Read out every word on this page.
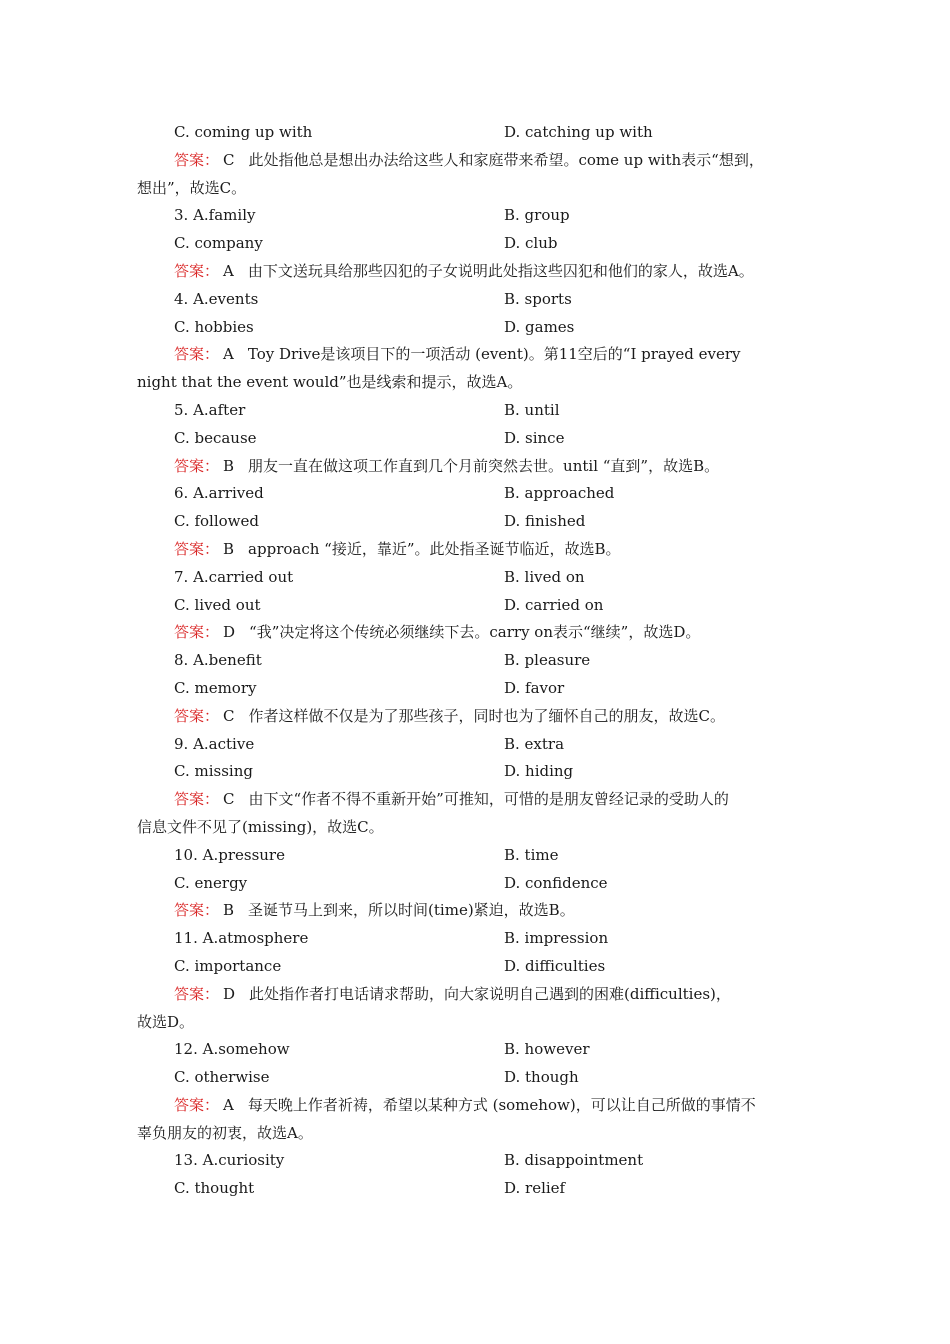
C. coming up with	D. catching up with
答案： C 此处指他总是想出办法给这些人和家庭带来希望。come up with表示“想到，
想出”，故选C。
3. A.family	B. group
C. company	D. club
答案： A 由下文送玩具给那些囚犯的子女说明此处指这些囚犯和他们的家人，故选A。
4. A.events	B. sports
C. hobbies	D. games
答案： A Toy Drive是该项目下的一项活动 (event)。第11空后的“I prayed every
night that the event would”也是线索和提示，故选A。
5. A.after	B. until
C. because	D. since
答案： B 朋友一直在做这项工作直到几个月前突然去世。until “直到”，故选B。
6. A.arrived	B. approached
C. followed	D. finished
答案： B approach “接近，靠近”。此处指圣诞节临近，故选B。
7. A.carried out	B. lived on
C. lived out	D. carried on
答案： D “我”决定将这个传统必须继续下去。carry on表示“继续”，故选D。
8. A.benefit	B. pleasure
C. memory	D. favor
答案： C 作者这样做不仅是为了那些孩子，同时也为了缅怀自己的朋友，故选C。
9. A.active	B. extra
C. missing	D. hiding
答案： C 由下文“作者不得不重新开始”可推知，可惜的是朋友曾经记录的受助人的
信息文件不见了(missing)，故选C。
10. A.pressure	B. time
C. energy	D. confidence
答案： B 圣诞节马上到来，所以时间(time)紧迫，故选B。
11. A.atmosphere	B. impression
C. importance	D. difficulties
答案： D 此处指作者打电话请求帮助，向大家说明自己遇到的困难(difficulties)，
故选D。
12. A.somehow	B. however
C. otherwise	D. though
答案： A 每天晚上作者祈祷，希望以某种方式 (somehow)，可以让自己所做的事情不
辜负朋友的初衷，故选A。
13. A.curiosity	B. disappointment
C. thought	D. relief
